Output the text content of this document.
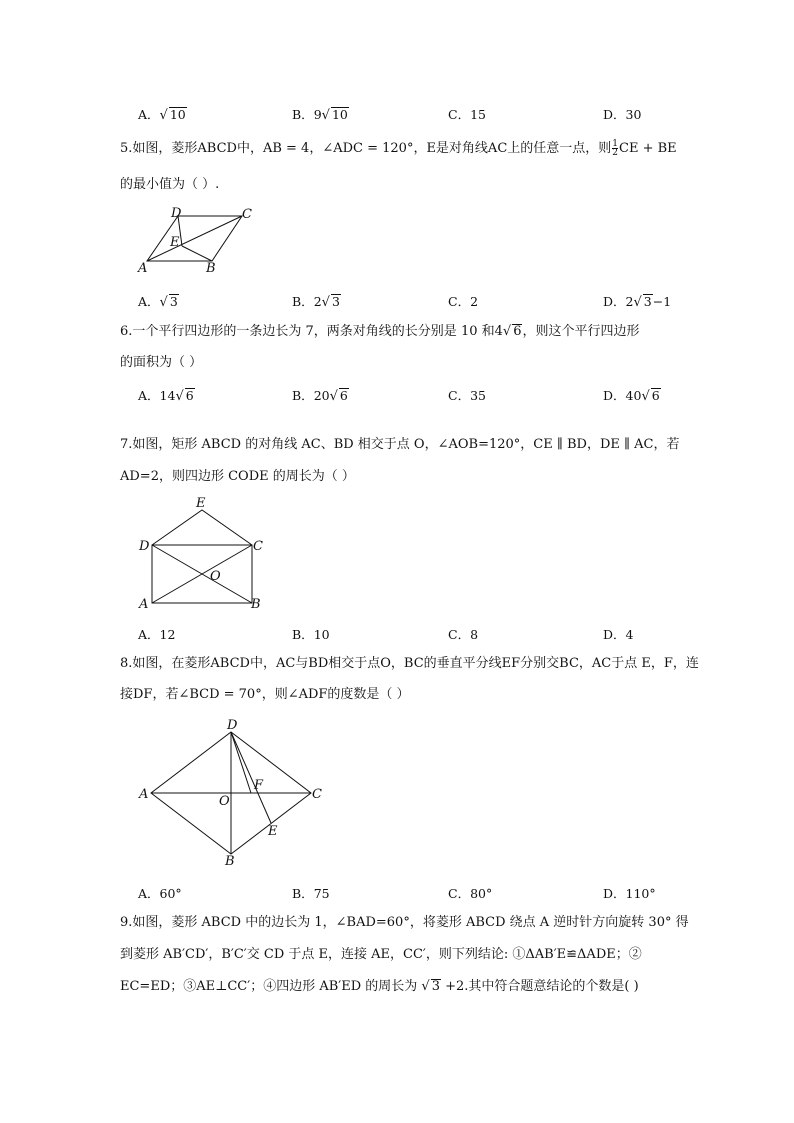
A．√ 10	B．9√ 10	C．15	D．30
5.如图，菱形ABCD中，AB = 4，∠ADC = 120°，E是对角线AC上的任意一点，则 $\frac{1}{2}$ CE + BE
的最小值为（ ）.
D	C
E
A	B
A．√ 3	B．2√ 3	C．2	D．2√ 3−1
6.一个平行四边形的一条边长为 7，两条对角线的长分别是 10 和4√ 6，则这个平行四边形
的面积为（ ）
A．14√ 6	B．20√ 6	C．35	D．40√ 6
7.如图，矩形 ABCD 的对角线 AC、BD 相交于点 O，∠AOB=120°，CE ∥ BD，DE ∥ AC，若
AD=2，则四边形 CODE 的周长为（ ）
E
D	C
O
A	B
A．12	B．10	C．8	D．4
8.如图，在菱形ABCD中，AC与BD相交于点O，BC的垂直平分线EF分别交BC，AC于点 E，F，连
接DF，若∠BCD = 70°，则∠ADF的度数是（ ）
D
A	O
F
C
E
B
A．60°	B．75	C．80°	D．110°
9.如图，菱形 ABCD 中的边长为 1，∠BAD=60°，将菱形 ABCD 绕点 A 逆时针方向旋转 30° 得
到菱形 AB′CD′，B′C′交 CD 于点 E，连接 AE，CC′，则下列结论: ①ΔAB′E≌ΔADE；②
EC=ED；③AE⊥CC′；④四边形 AB′ED 的周长为 √ 3 +2.其中符合题意结论的个数是( )
